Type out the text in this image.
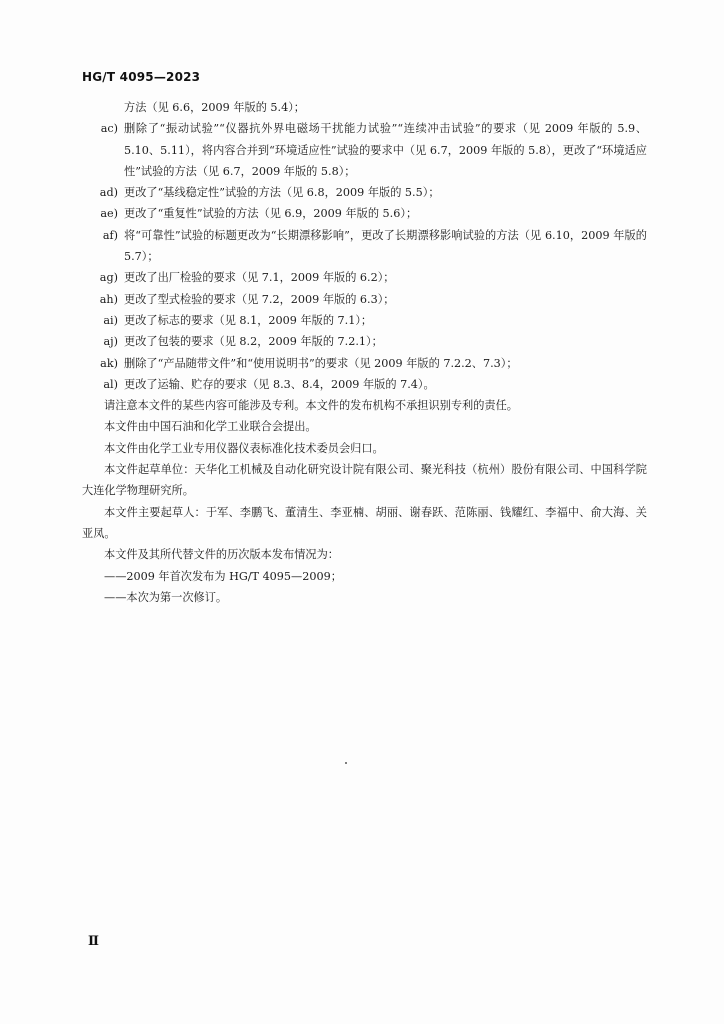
HG/T 4095—2023
方法（见 6.6，2009 年版的 5.4）；
ac) 删除了“振动试验”“仪器抗外界电磁场干扰能力试验”“连续冲击试验”的要求（见 2009 年版的 5.9、5.10、5.11），将内容合并到“环境适应性”试验的要求中（见 6.7，2009 年版的 5.8），更改了“环境适应性”试验的方法（见 6.7，2009 年版的 5.8）；
ad) 更改了“基线稳定性”试验的方法（见 6.8，2009 年版的 5.5）；
ae) 更改了“重复性”试验的方法（见 6.9，2009 年版的 5.6）；
af) 将“可靠性”试验的标题更改为“长期漂移影响”，更改了长期漂移影响试验的方法（见 6.10，2009 年版的 5.7）；
ag) 更改了出厂检验的要求（见 7.1，2009 年版的 6.2）；
ah) 更改了型式检验的要求（见 7.2，2009 年版的 6.3）；
ai) 更改了标志的要求（见 8.1，2009 年版的 7.1）；
aj) 更改了包装的要求（见 8.2，2009 年版的 7.2.1）；
ak) 删除了“产品随带文件”和“使用说明书”的要求（见 2009 年版的 7.2.2、7.3）；
al) 更改了运输、贮存的要求（见 8.3、8.4，2009 年版的 7.4）。
请注意本文件的某些内容可能涉及专利。本文件的发布机构不承担识别专利的责任。
本文件由中国石油和化学工业联合会提出。
本文件由化学工业专用仪器仪表标准化技术委员会归口。
本文件起草单位：天华化工机械及自动化研究设计院有限公司、聚光科技（杭州）股份有限公司、中国科学院大连化学物理研究所。
本文件主要起草人：于军、李鹏飞、董清生、李亚楠、胡丽、谢春跃、范陈丽、钱耀红、李福中、俞大海、关亚凤。
本文件及其所代替文件的历次版本发布情况为：
——2009 年首次发布为 HG/T 4095—2009；
——本次为第一次修订。
Ⅱ
